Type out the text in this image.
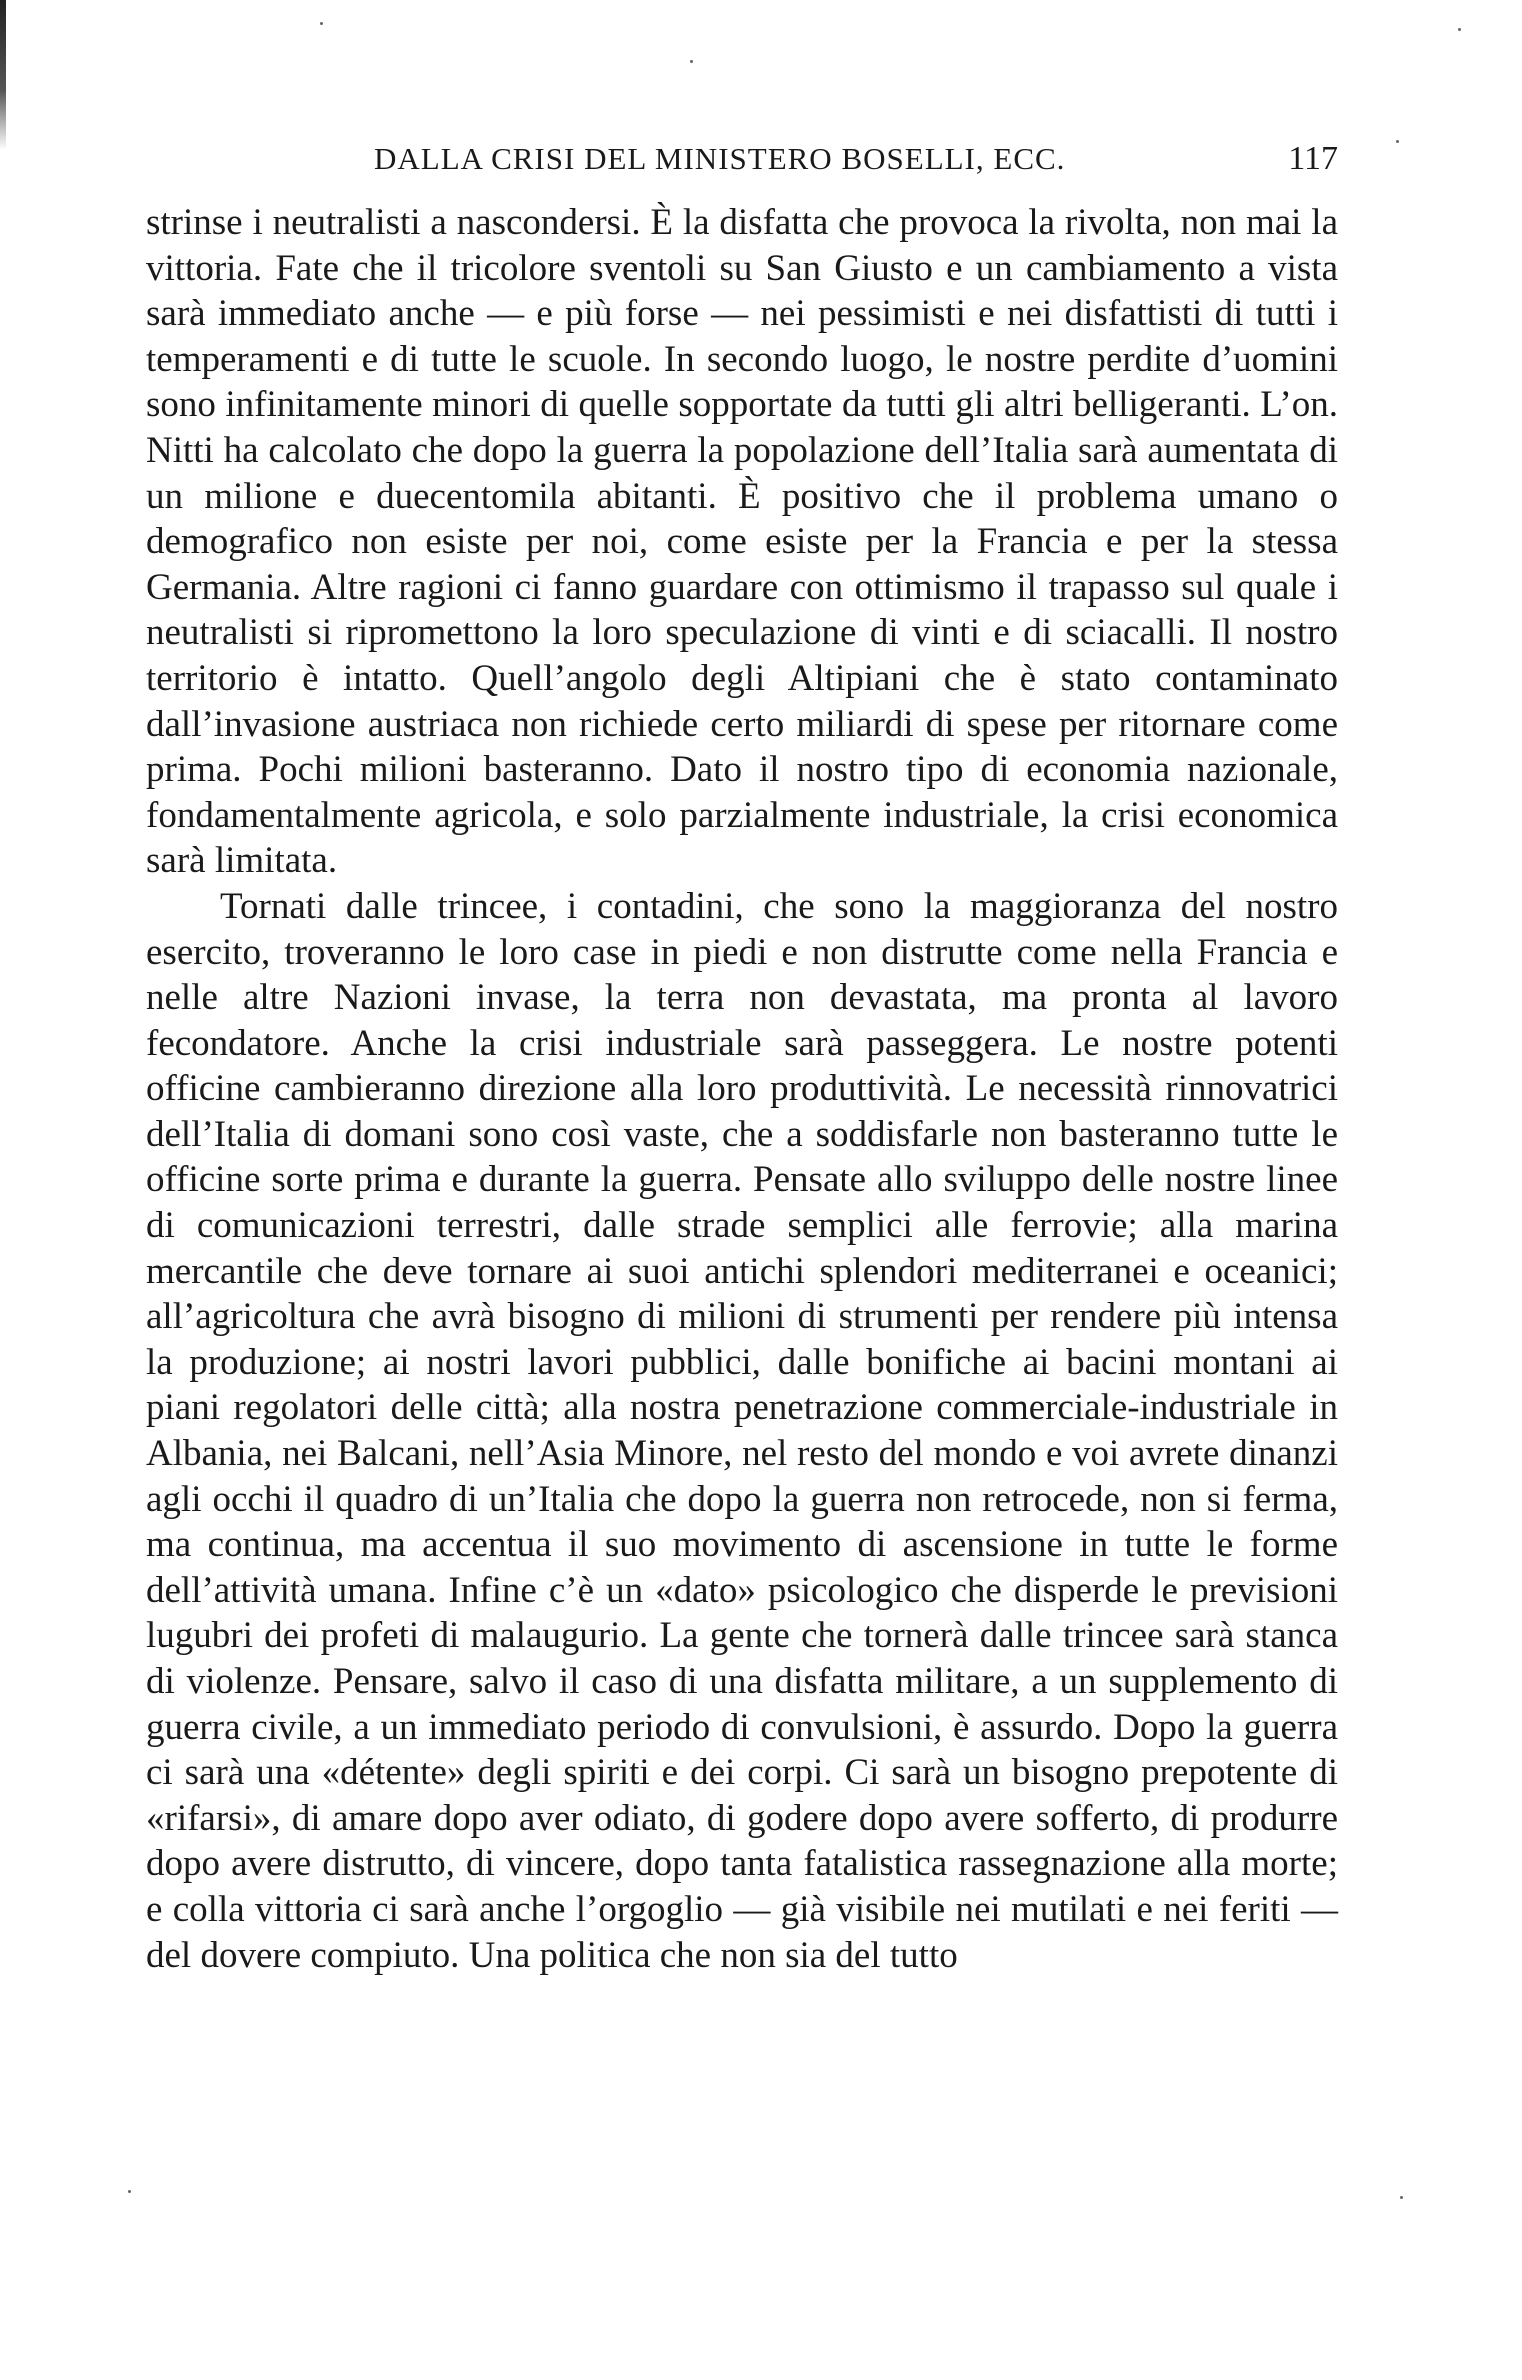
DALLA CRISI DEL MINISTERO BOSELLI, ECC.	117

strinse i neutralisti a nascondersi. È la disfatta che provoca la rivolta, non mai la vittoria. Fate che il tricolore sventoli su San Giusto e un cambiamento a vista sarà immediato anche — e più forse — nei pessimisti e nei disfattisti di tutti i temperamenti e di tutte le scuole. In secondo luogo, le nostre perdite d’uomini sono infinitamente minori di quelle sopportate da tutti gli altri belligeranti. L’on. Nitti ha calcolato che dopo la guerra la popolazione dell’Italia sarà aumentata di un milione e duecentomila abitanti. È positivo che il problema umano o demografico non esiste per noi, come esiste per la Francia e per la stessa Germania. Altre ragioni ci fanno guardare con ottimismo il trapasso sul quale i neutralisti si ripromettono la loro speculazione di vinti e di sciacalli. Il nostro territorio è intatto. Quell’angolo degli Altipiani che è stato contaminato dall’invasione austriaca non richiede certo miliardi di spese per ritornare come prima. Pochi milioni basteranno. Dato il nostro tipo di economia nazionale, fondamentalmente agricola, e solo parzialmente industriale, la crisi economica sarà limitata.

Tornati dalle trincee, i contadini, che sono la maggioranza del nostro esercito, troveranno le loro case in piedi e non distrutte come nella Francia e nelle altre Nazioni invase, la terra non devastata, ma pronta al lavoro fecondatore. Anche la crisi industriale sarà passeggera. Le nostre potenti officine cambieranno direzione alla loro produttività. Le necessità rinnovatrici dell’Italia di domani sono così vaste, che a soddisfarle non basteranno tutte le officine sorte prima e durante la guerra. Pensate allo sviluppo delle nostre linee di comunicazioni terrestri, dalle strade semplici alle ferrovie; alla marina mercantile che deve tornare ai suoi antichi splendori mediterranei e oceanici; all’agricoltura che avrà bisogno di milioni di strumenti per rendere più intensa la produzione; ai nostri lavori pubblici, dalle bonifiche ai bacini montani ai piani regolatori delle città; alla nostra penetrazione commerciale-industriale in Albania, nei Balcani, nell’Asia Minore, nel resto del mondo e voi avrete dinanzi agli occhi il quadro di un’Italia che dopo la guerra non retrocede, non si ferma, ma continua, ma accentua il suo movimento di ascensione in tutte le forme dell’attività umana. Infine c’è un «dato» psicologico che disperde le previsioni lugubri dei profeti di malaugurio. La gente che tornerà dalle trincee sarà stanca di violenze. Pensare, salvo il caso di una disfatta militare, a un supplemento di guerra civile, a un immediato periodo di convulsioni, è assurdo. Dopo la guerra ci sarà una «détente» degli spiriti e dei corpi. Ci sarà un bisogno prepotente di «rifarsi», di amare dopo aver odiato, di godere dopo avere sofferto, di produrre dopo avere distrutto, di vincere, dopo tanta fatalistica rassegnazione alla morte; e colla vittoria ci sarà anche l’orgoglio — già visibile nei mutilati e nei feriti — del dovere compiuto. Una politica che non sia del tutto
